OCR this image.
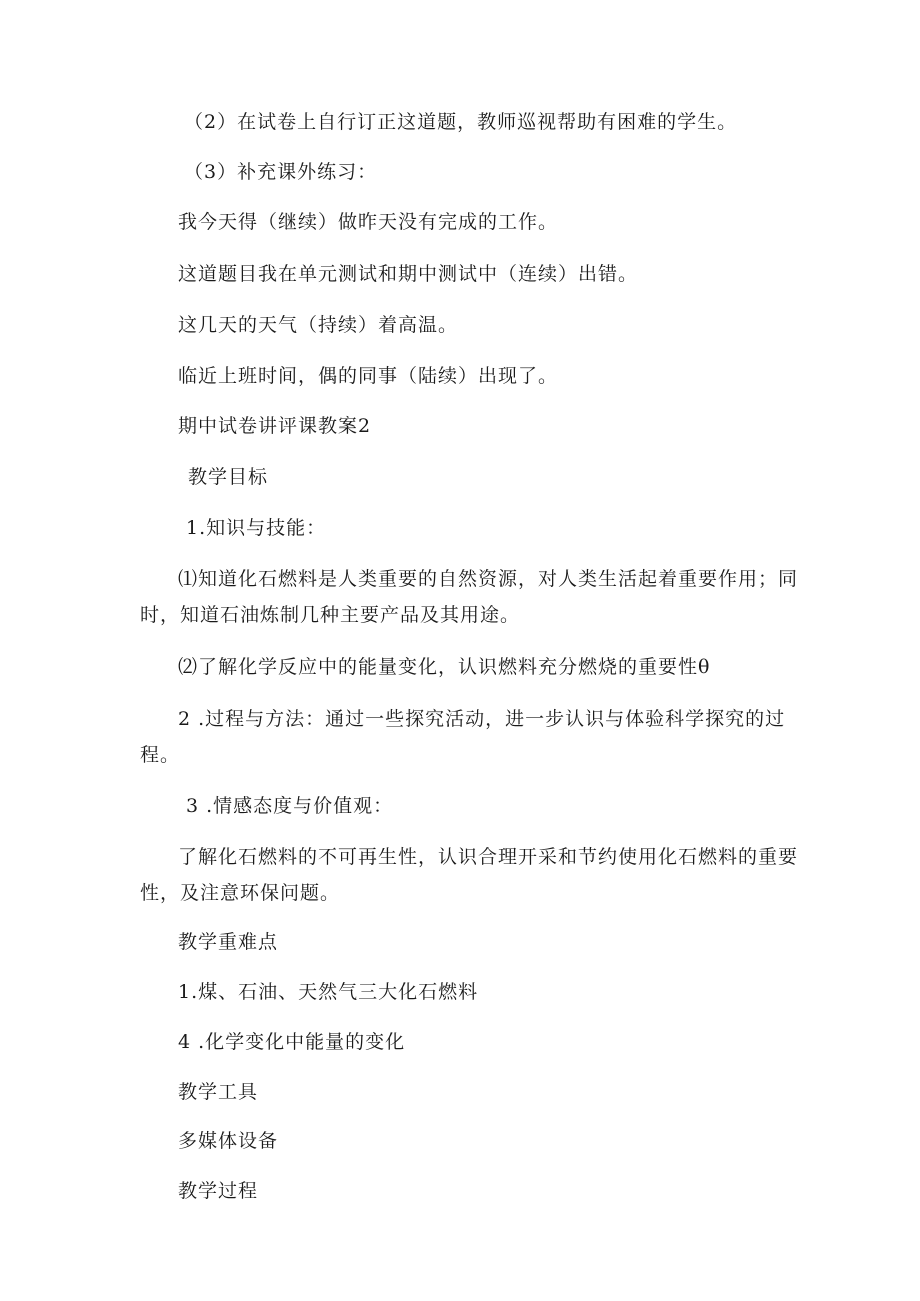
（2）在试卷上自行订正这道题，教师巡视帮助有困难的学生。
（3）补充课外练习：
我今天得（继续）做昨天没有完成的工作。
这道题目我在单元测试和期中测试中（连续）出错。
这几天的天气（持续）着高温。
临近上班时间，偶的同事（陆续）出现了。
期中试卷讲评课教案2
教学目标
1.知识与技能：
⑴知道化石燃料是人类重要的自然资源，对人类生活起着重要作用；同时，知道石油炼制几种主要产品及其用途。
⑵了解化学反应中的能量变化，认识燃料充分燃烧的重要性θ
2 .过程与方法：通过一些探究活动，进一步认识与体验科学探究的过程。
3 .情感态度与价值观：
了解化石燃料的不可再生性，认识合理开采和节约使用化石燃料的重要性，及注意环保问题。
教学重难点
1.煤、石油、天然气三大化石燃料
4 .化学变化中能量的变化
教学工具
多媒体设备
教学过程
